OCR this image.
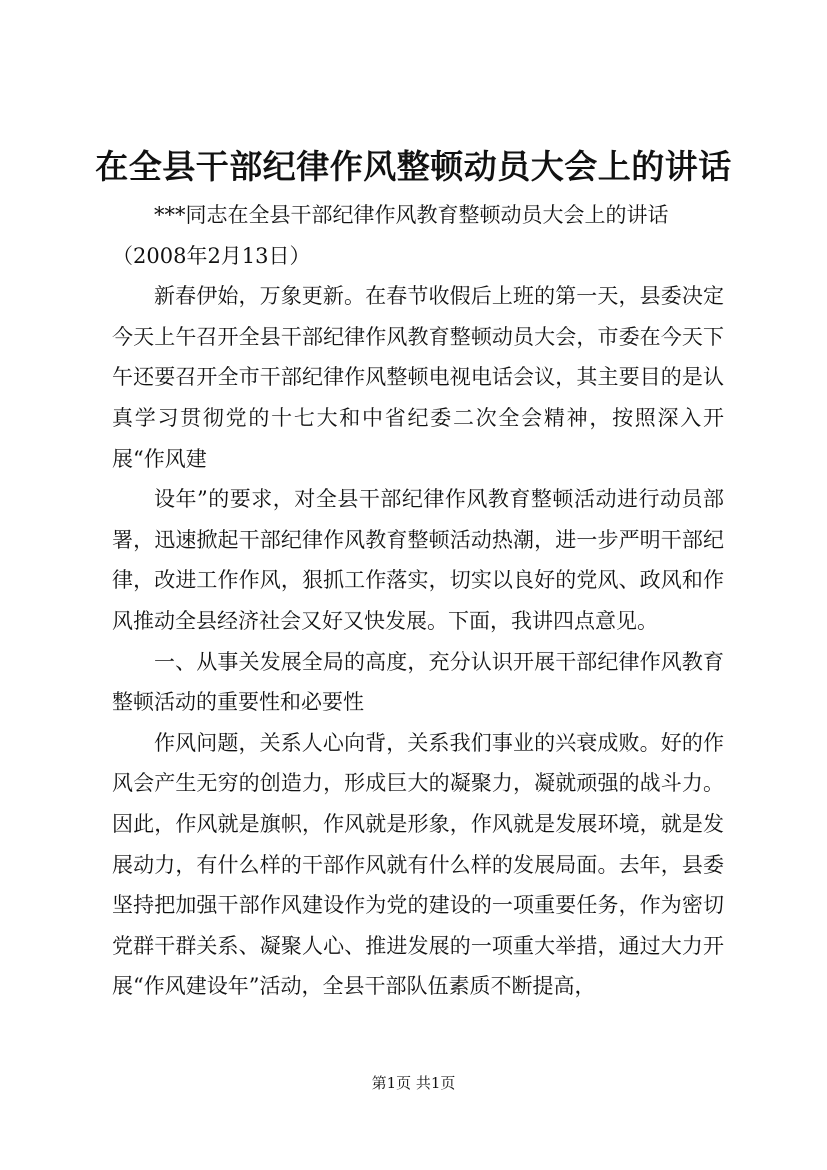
在全县干部纪律作风整顿动员大会上的讲话

***同志在全县干部纪律作风教育整顿动员大会上的讲话

（2008年2月13日）

新春伊始，万象更新。在春节收假后上班的第一天，县委决定今天上午召开全县干部纪律作风教育整顿动员大会，市委在今天下午还要召开全市干部纪律作风整顿电视电话会议，其主要目的是认真学习贯彻党的十七大和中省纪委二次全会精神，按照深入开展“作风建

设年”的要求，对全县干部纪律作风教育整顿活动进行动员部署，迅速掀起干部纪律作风教育整顿活动热潮，进一步严明干部纪律，改进工作作风，狠抓工作落实，切实以良好的党风、政风和作风推动全县经济社会又好又快发展。下面，我讲四点意见。

一、从事关发展全局的高度，充分认识开展干部纪律作风教育整顿活动的重要性和必要性

作风问题，关系人心向背，关系我们事业的兴衰成败。好的作风会产生无穷的创造力，形成巨大的凝聚力，凝就顽强的战斗力。因此，作风就是旗帜，作风就是形象，作风就是发展环境，就是发展动力，有什么样的干部作风就有什么样的发展局面。去年，县委坚持把加强干部作风建设作为党的建设的一项重要任务，作为密切党群干群关系、凝聚人心、推进发展的一项重大举措，通过大力开展“作风建设年”活动，全县干部队伍素质不断提高，

第1页 共1页
